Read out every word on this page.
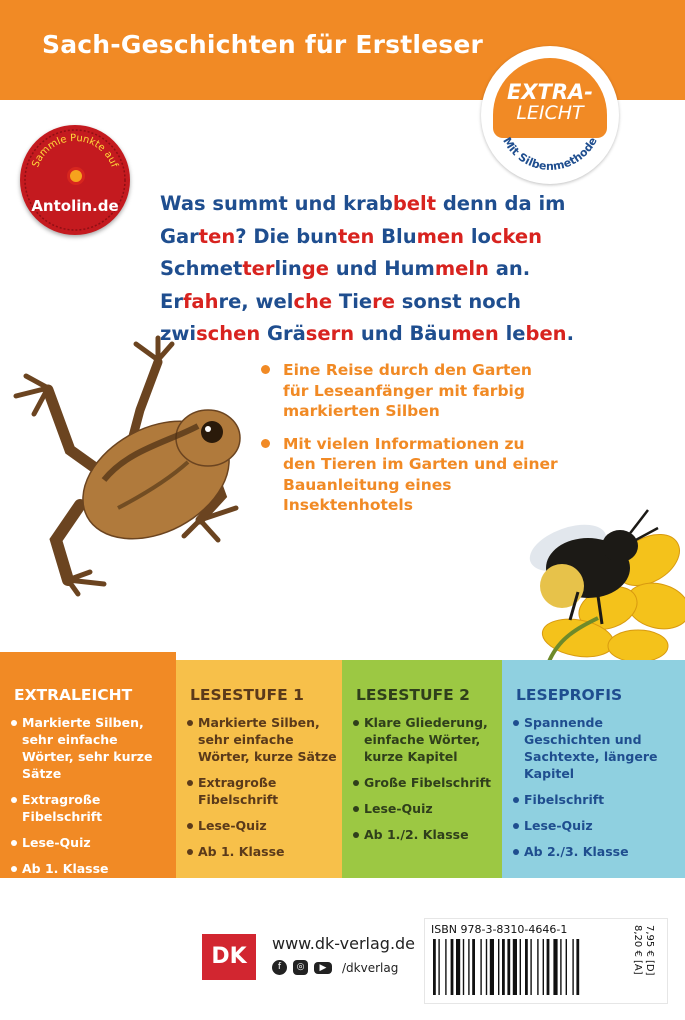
Sach-Geschichten für Erstleser
EXTRA-
LEICHT
Mit Silbenmethode
Sammle Punkte auf
Antolin.de	Was summt und krabbelt denn da im
Garten? Die bunten Blumen locken
Schmetterlinge und Hummeln an.
Erfahre, welche Tiere sonst noch
zwischen Gräsern und Bäumen leben.
Eine Reise durch den Garten für Leseanfänger mit farbig markierten Silben
Mit vielen Informationen zu den Tieren im Garten und einer Bauanleitung eines Insektenhotels
EXTRALEICHT
Markierte Silben, sehr einfache Wörter, sehr kurze Sätze
Extragroße Fibelschrift
Lese-Quiz
Ab 1. Klasse
LESESTUFE 1
Markierte Silben, sehr einfache Wörter, kurze Sätze
Extragroße Fibelschrift
Lese-Quiz
Ab 1. Klasse
LESESTUFE 2
Klare Gliederung, einfache Wörter, kurze Kapitel
Große Fibelschrift
Lese-Quiz
Ab 1./2. Klasse
LESEPROFIS
Spannende Geschichten und Sachtexte, längere Kapitel
Fibelschrift
Lese-Quiz
Ab 2./3. Klasse
DK
www.dk-verlag.de
f ◎ ▶ /dkverlag
ISBN 978-3-8310-4646-1	7,95 € [D]
8,20 € [A]
